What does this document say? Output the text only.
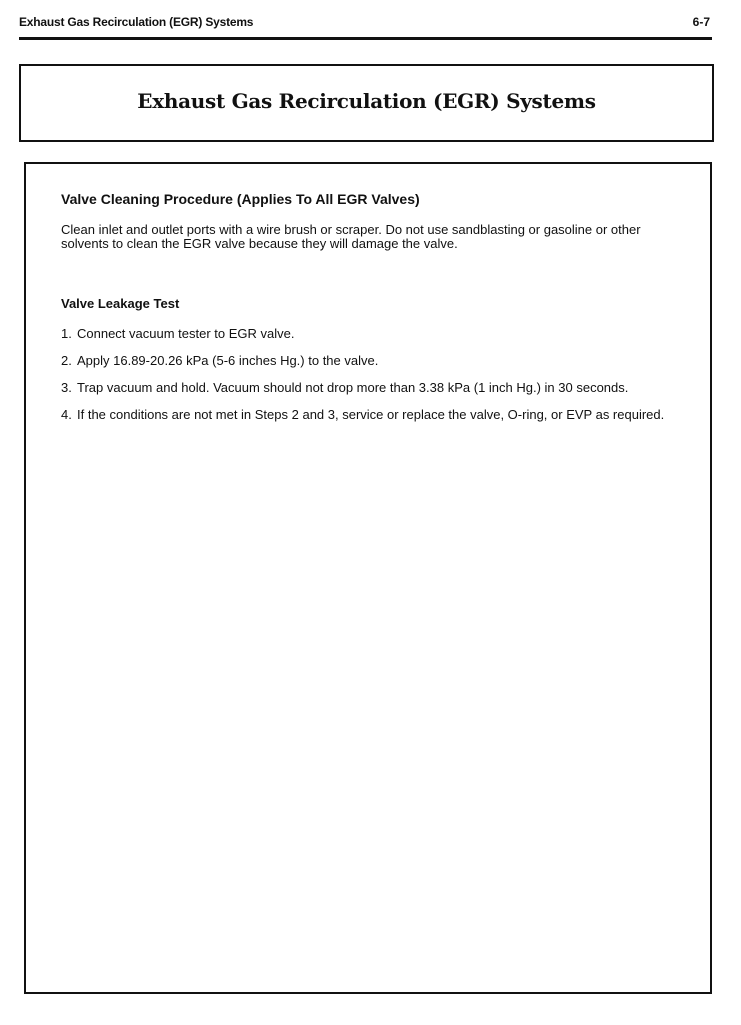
Exhaust Gas Recirculation (EGR) Systems	6-7
Exhaust Gas Recirculation (EGR) Systems
Valve Cleaning Procedure (Applies To All EGR Valves)

Clean inlet and outlet ports with a wire brush or scraper. Do not use sandblasting or gasoline or other solvents to clean the EGR valve because they will damage the valve.

Valve Leakage Test
1. Connect vacuum tester to EGR valve.
2. Apply 16.89-20.26 kPa (5-6 inches Hg.) to the valve.
3. Trap vacuum and hold. Vacuum should not drop more than 3.38 kPa (1 inch Hg.) in 30 seconds.
4. If the conditions are not met in Steps 2 and 3, service or replace the valve, O-ring, or EVP as required.
